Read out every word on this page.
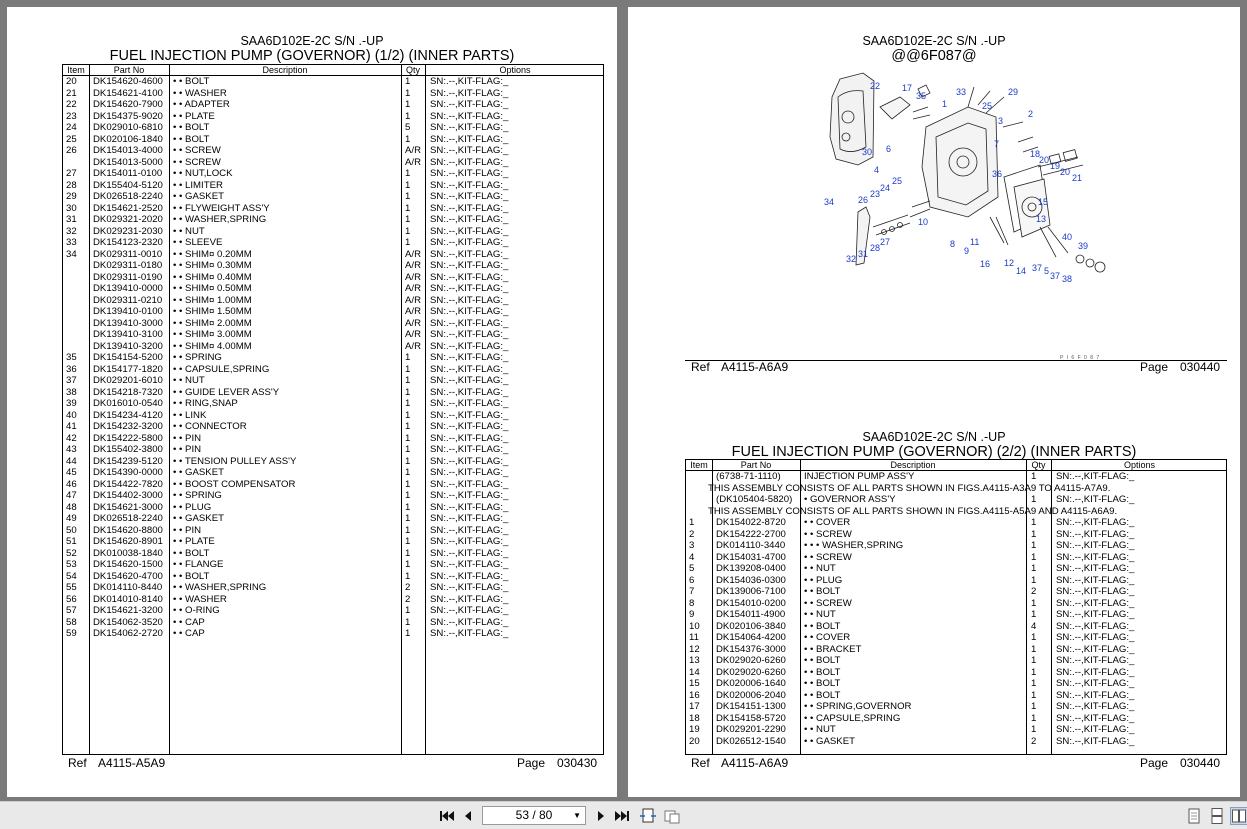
SAA6D102E-2C S/N .-UP
FUEL INJECTION PUMP (GOVERNOR) (1/2) (INNER PARTS)
Item	Part No	Description	Qty	Options
20 DK154620-4600 • • BOLT	1 SN:.--,KIT-FLAG:_
21 DK154621-4100 • • WASHER	1 SN:.--,KIT-FLAG:_
22 DK154620-7900 • • ADAPTER	1 SN:.--,KIT-FLAG:_
23 DK154375-9020 • • PLATE	1 SN:.--,KIT-FLAG:_
24 DK029010-6810 • • BOLT	5 SN:.--,KIT-FLAG:_
25 DK020106-1840 • • BOLT	1 SN:.--,KIT-FLAG:_
26 DK154013-4000 • • SCREW	A/R SN:.--,KIT-FLAG:_
DK154013-5000 • • SCREW	A/R SN:.--,KIT-FLAG:_
27 DK154011-0100 • • NUT,LOCK	1 SN:.--,KIT-FLAG:_
28 DK155404-5120 • • LIMITER	1 SN:.--,KIT-FLAG:_
29 DK026518-2240 • • GASKET	1 SN:.--,KIT-FLAG:_
30 DK154621-2520 • • FLYWEIGHT ASS'Y	1 SN:.--,KIT-FLAG:_
31 DK029321-2020 • • WASHER,SPRING	1 SN:.--,KIT-FLAG:_
32 DK029231-2030 • • NUT	1 SN:.--,KIT-FLAG:_
33 DK154123-2320 • • SLEEVE	1 SN:.--,KIT-FLAG:_
34 DK029311-0010 • • SHIM¤ 0.20MM	A/R SN:.--,KIT-FLAG:_
DK029311-0180 • • SHIM¤ 0.30MM	A/R SN:.--,KIT-FLAG:_
DK029311-0190 • • SHIM¤ 0.40MM	A/R SN:.--,KIT-FLAG:_
DK139410-0000 • • SHIM¤ 0.50MM	A/R SN:.--,KIT-FLAG:_
DK029311-0210 • • SHIM¤ 1.00MM	A/R SN:.--,KIT-FLAG:_
DK139410-0100 • • SHIM¤ 1.50MM	A/R SN:.--,KIT-FLAG:_
DK139410-3000 • • SHIM¤ 2.00MM	A/R SN:.--,KIT-FLAG:_
DK139410-3100 • • SHIM¤ 3.00MM	A/R SN:.--,KIT-FLAG:_
DK139410-3200 • • SHIM¤ 4.00MM	A/R SN:.--,KIT-FLAG:_
35 DK154154-5200 • • SPRING	1 SN:.--,KIT-FLAG:_
36 DK154177-1820 • • CAPSULE,SPRING	1 SN:.--,KIT-FLAG:_
37 DK029201-6010 • • NUT	1 SN:.--,KIT-FLAG:_
38 DK154218-7320 • • GUIDE LEVER ASS'Y	1 SN:.--,KIT-FLAG:_
39 DK016010-0540 • • RING,SNAP	1 SN:.--,KIT-FLAG:_
40 DK154234-4120 • • LINK	1 SN:.--,KIT-FLAG:_
41 DK154232-3200 • • CONNECTOR	1 SN:.--,KIT-FLAG:_
42 DK154222-5800 • • PIN	1 SN:.--,KIT-FLAG:_
43 DK155402-3800 • • PIN	1 SN:.--,KIT-FLAG:_
44 DK154239-5120 • • TENSION PULLEY ASS'Y	1 SN:.--,KIT-FLAG:_
45 DK154390-0000 • • GASKET	1 SN:.--,KIT-FLAG:_
46 DK154422-7820 • • BOOST COMPENSATOR	1 SN:.--,KIT-FLAG:_
47 DK154402-3000 • • SPRING	1 SN:.--,KIT-FLAG:_
48 DK154621-3000 • • PLUG	1 SN:.--,KIT-FLAG:_
49 DK026518-2240 • • GASKET	1 SN:.--,KIT-FLAG:_
50 DK154620-8800 • • PIN	1 SN:.--,KIT-FLAG:_
51 DK154620-8901 • • PLATE	1 SN:.--,KIT-FLAG:_
52 DK010038-1840 • • BOLT	1 SN:.--,KIT-FLAG:_
53 DK154620-1500 • • FLANGE	1 SN:.--,KIT-FLAG:_
54 DK154620-4700 • • BOLT	1 SN:.--,KIT-FLAG:_
55 DK014110-8440 • • WASHER,SPRING	2 SN:.--,KIT-FLAG:_
56 DK014010-8140 • • WASHER	2 SN:.--,KIT-FLAG:_
57 DK154621-3200 • • O-RING	1 SN:.--,KIT-FLAG:_
58 DK154062-3520 • • CAP	1 SN:.--,KIT-FLAG:_
59 DK154062-2720 • • CAP	1 SN:.--,KIT-FLAG:_
Ref A4115-A5A9	Page 030430
SAA6D102E-2C S/N .-UP
@@6F087@
22 17
35
1
33
25
29
3
2
6
30
4
7
18
20
19
20
21
36
25
24
23
26	15
13
34
10
8 11
9
27
28
31
32	16 12
14 37 5 37 38
40
39
P I 6 F 0 8 7
Ref A4115-A6A9	Page 030440
SAA6D102E-2C S/N .-UP
FUEL INJECTION PUMP (GOVERNOR) (2/2) (INNER PARTS)
Item	Part No	Description	Qty	Options
(6738-71-1110) INJECTION PUMP ASS'Y	1 SN:.--,KIT-FLAG:_
THIS ASSEMBLY CONSISTS OF ALL PARTS SHOWN IN FIGS.A4115-A3A9 TO A4115-A7A9.
(DK105404-5820) • GOVERNOR ASS'Y	1 SN:.--,KIT-FLAG:_
THIS ASSEMBLY CONSISTS OF ALL PARTS SHOWN IN FIGS.A4115-A5A9 AND A4115-A6A9.
1 DK154022-8720 • • COVER	1 SN:.--,KIT-FLAG:_
2 DK154222-2700 • • SCREW	1 SN:.--,KIT-FLAG:_
3 DK014110-3440 • • • WASHER,SPRING	1 SN:.--,KIT-FLAG:_
4 DK154031-4700 • • SCREW	1 SN:.--,KIT-FLAG:_
5 DK139208-0400 • • NUT	1 SN:.--,KIT-FLAG:_
6 DK154036-0300 • • PLUG	1 SN:.--,KIT-FLAG:_
7 DK139006-7100 • • BOLT	2 SN:.--,KIT-FLAG:_
8 DK154010-0200 • • SCREW	1 SN:.--,KIT-FLAG:_
9 DK154011-4900 • • NUT	1 SN:.--,KIT-FLAG:_
10 DK020106-3840 • • BOLT	4 SN:.--,KIT-FLAG:_
11 DK154064-4200 • • COVER	1 SN:.--,KIT-FLAG:_
12 DK154376-3000 • • BRACKET	1 SN:.--,KIT-FLAG:_
13 DK029020-6260 • • BOLT	1 SN:.--,KIT-FLAG:_
14 DK029020-6260 • • BOLT	1 SN:.--,KIT-FLAG:_
15 DK020006-1640 • • BOLT	1 SN:.--,KIT-FLAG:_
16 DK020006-2040 • • BOLT	1 SN:.--,KIT-FLAG:_
17 DK154151-1300 • • SPRING,GOVERNOR	1 SN:.--,KIT-FLAG:_
18 DK154158-5720 • • CAPSULE,SPRING	1 SN:.--,KIT-FLAG:_
19 DK029201-2290 • • NUT	1 SN:.--,KIT-FLAG:_
20 DK026512-1540 • • GASKET	2 SN:.--,KIT-FLAG:_
Ref A4115-A6A9	Page 030440
53 / 80	▼
